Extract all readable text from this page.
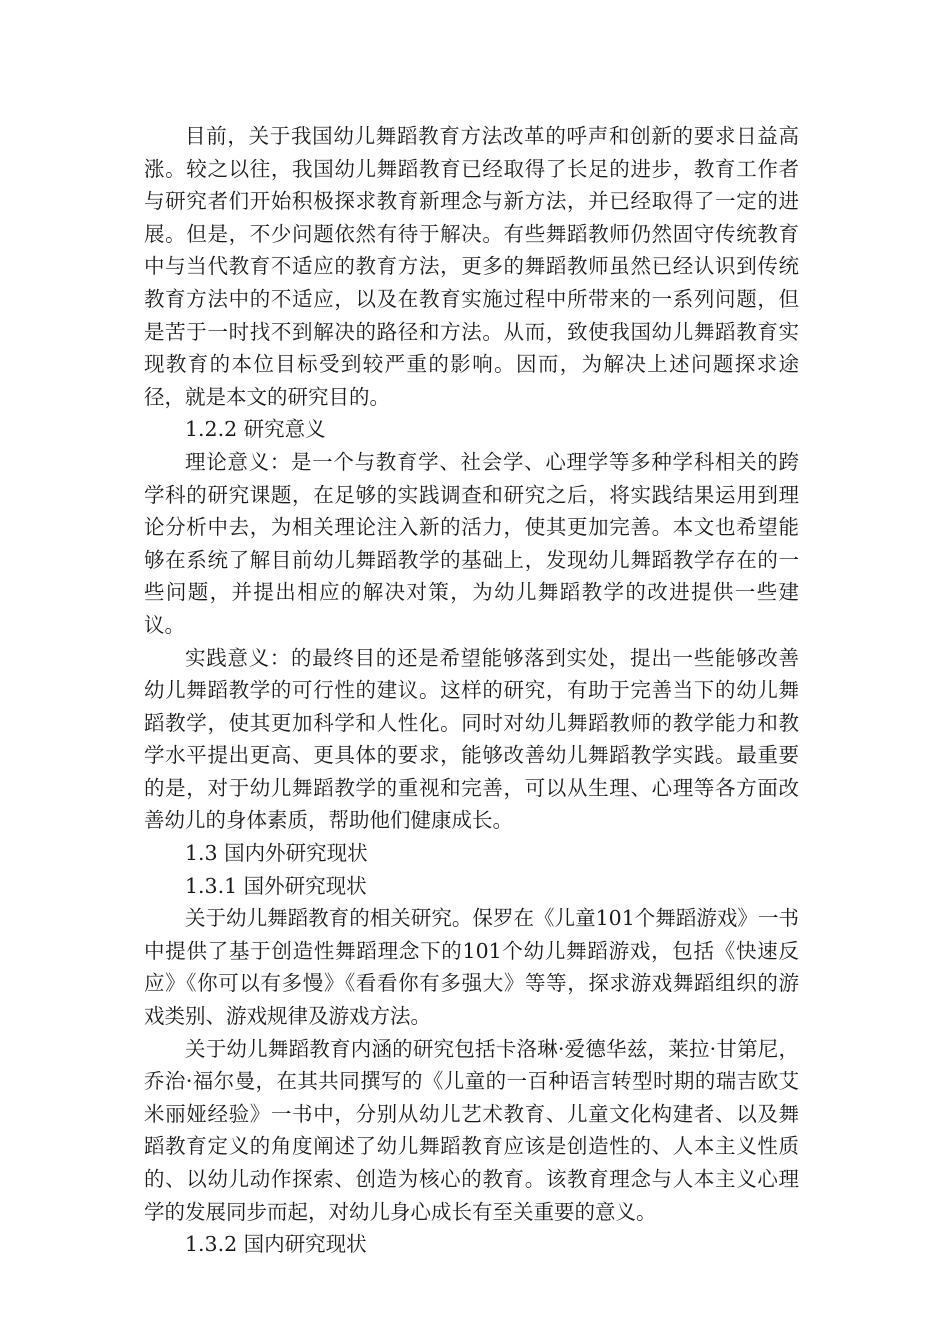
目前，关于我国幼儿舞蹈教育方法改革的呼声和创新的要求日益高涨。较之以往，我国幼儿舞蹈教育已经取得了长足的进步，教育工作者与研究者们开始积极探求教育新理念与新方法，并已经取得了一定的进展。但是，不少问题依然有待于解决。有些舞蹈教师仍然固守传统教育中与当代教育不适应的教育方法，更多的舞蹈教师虽然已经认识到传统教育方法中的不适应，以及在教育实施过程中所带来的一系列问题，但是苦于一时找不到解决的路径和方法。从而，致使我国幼儿舞蹈教育实现教育的本位目标受到较严重的影响。因而，为解决上述问题探求途径，就是本文的研究目的。

1.2.2 研究意义

理论意义：是一个与教育学、社会学、心理学等多种学科相关的跨学科的研究课题，在足够的实践调查和研究之后，将实践结果运用到理论分析中去，为相关理论注入新的活力，使其更加完善。本文也希望能够在系统了解目前幼儿舞蹈教学的基础上，发现幼儿舞蹈教学存在的一些问题，并提出相应的解决对策，为幼儿舞蹈教学的改进提供一些建议。

实践意义：的最终目的还是希望能够落到实处，提出一些能够改善幼儿舞蹈教学的可行性的建议。这样的研究，有助于完善当下的幼儿舞蹈教学，使其更加科学和人性化。同时对幼儿舞蹈教师的教学能力和教学水平提出更高、更具体的要求，能够改善幼儿舞蹈教学实践。最重要的是，对于幼儿舞蹈教学的重视和完善，可以从生理、心理等各方面改善幼儿的身体素质，帮助他们健康成长。

1.3 国内外研究现状

1.3.1 国外研究现状

关于幼儿舞蹈教育的相关研究。保罗在《儿童101个舞蹈游戏》一书中提供了基于创造性舞蹈理念下的101个幼儿舞蹈游戏，包括《快速反应》《你可以有多慢》《看看你有多强大》等等，探求游戏舞蹈组织的游戏类别、游戏规律及游戏方法。

关于幼儿舞蹈教育内涵的研究包括卡洛琳·爱德华兹，莱拉·甘第尼，乔治·福尔曼，在其共同撰写的《儿童的一百种语言转型时期的瑞吉欧艾米丽娅经验》一书中，分别从幼儿艺术教育、儿童文化构建者、以及舞蹈教育定义的角度阐述了幼儿舞蹈教育应该是创造性的、人本主义性质的、以幼儿动作探索、创造为核心的教育。该教育理念与人本主义心理学的发展同步而起，对幼儿身心成长有至关重要的意义。

1.3.2 国内研究现状
